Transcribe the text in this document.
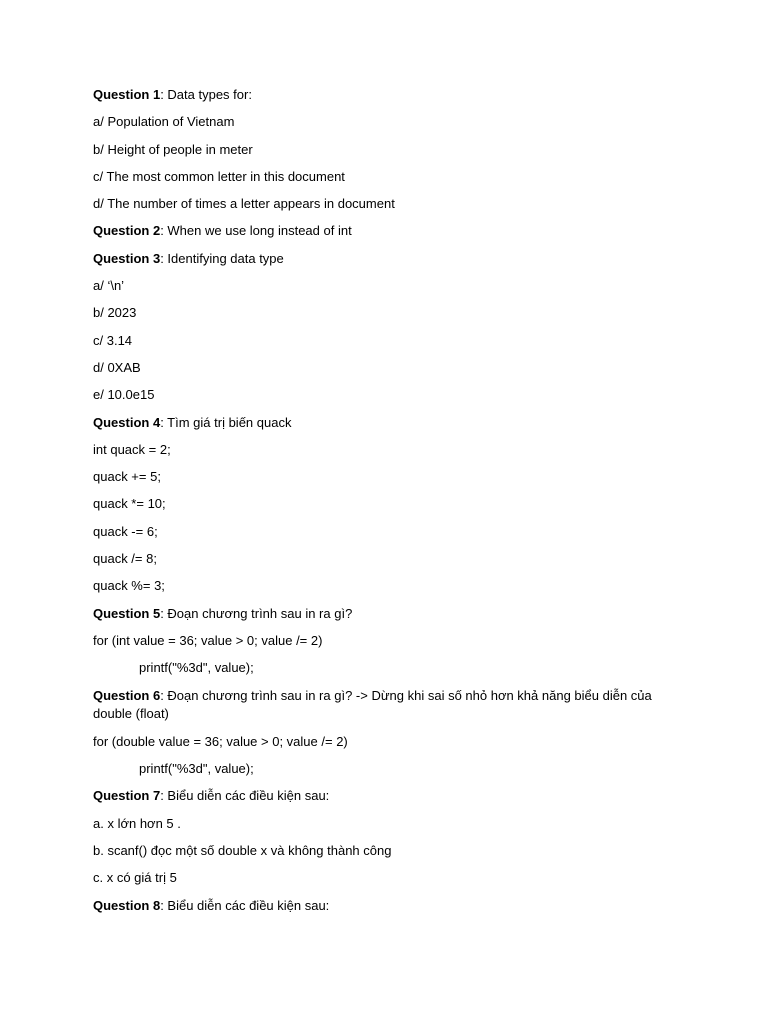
Question 1: Data types for:
a/ Population of Vietnam
b/ Height of people in meter
c/ The most common letter in this document
d/ The number of times a letter appears in document
Question 2: When we use long instead of int
Question 3: Identifying data type
a/ ‘\n’
b/ 2023
c/ 3.14
d/ 0XAB
e/ 10.0e15
Question 4: Tìm giá trị biến quack
int quack = 2;
quack += 5;
quack *= 10;
quack -= 6;
quack /= 8;
quack %= 3;
Question 5: Đoạn chương trình sau in ra gì?
for (int value = 36; value > 0; value /= 2)
printf("%3d", value);
Question 6: Đoạn chương trình sau in ra gì? -> Dừng khi sai số nhỏ hơn khả năng biểu diễn của double (float)
for (double value = 36; value > 0; value /= 2)
printf("%3d", value);
Question 7: Biểu diễn các điều kiện sau:
a. x lớn hơn 5 .
b. scanf() đọc một số double x và không thành công
c. x có giá trị 5
Question 8: Biểu diễn các điều kiện sau:
